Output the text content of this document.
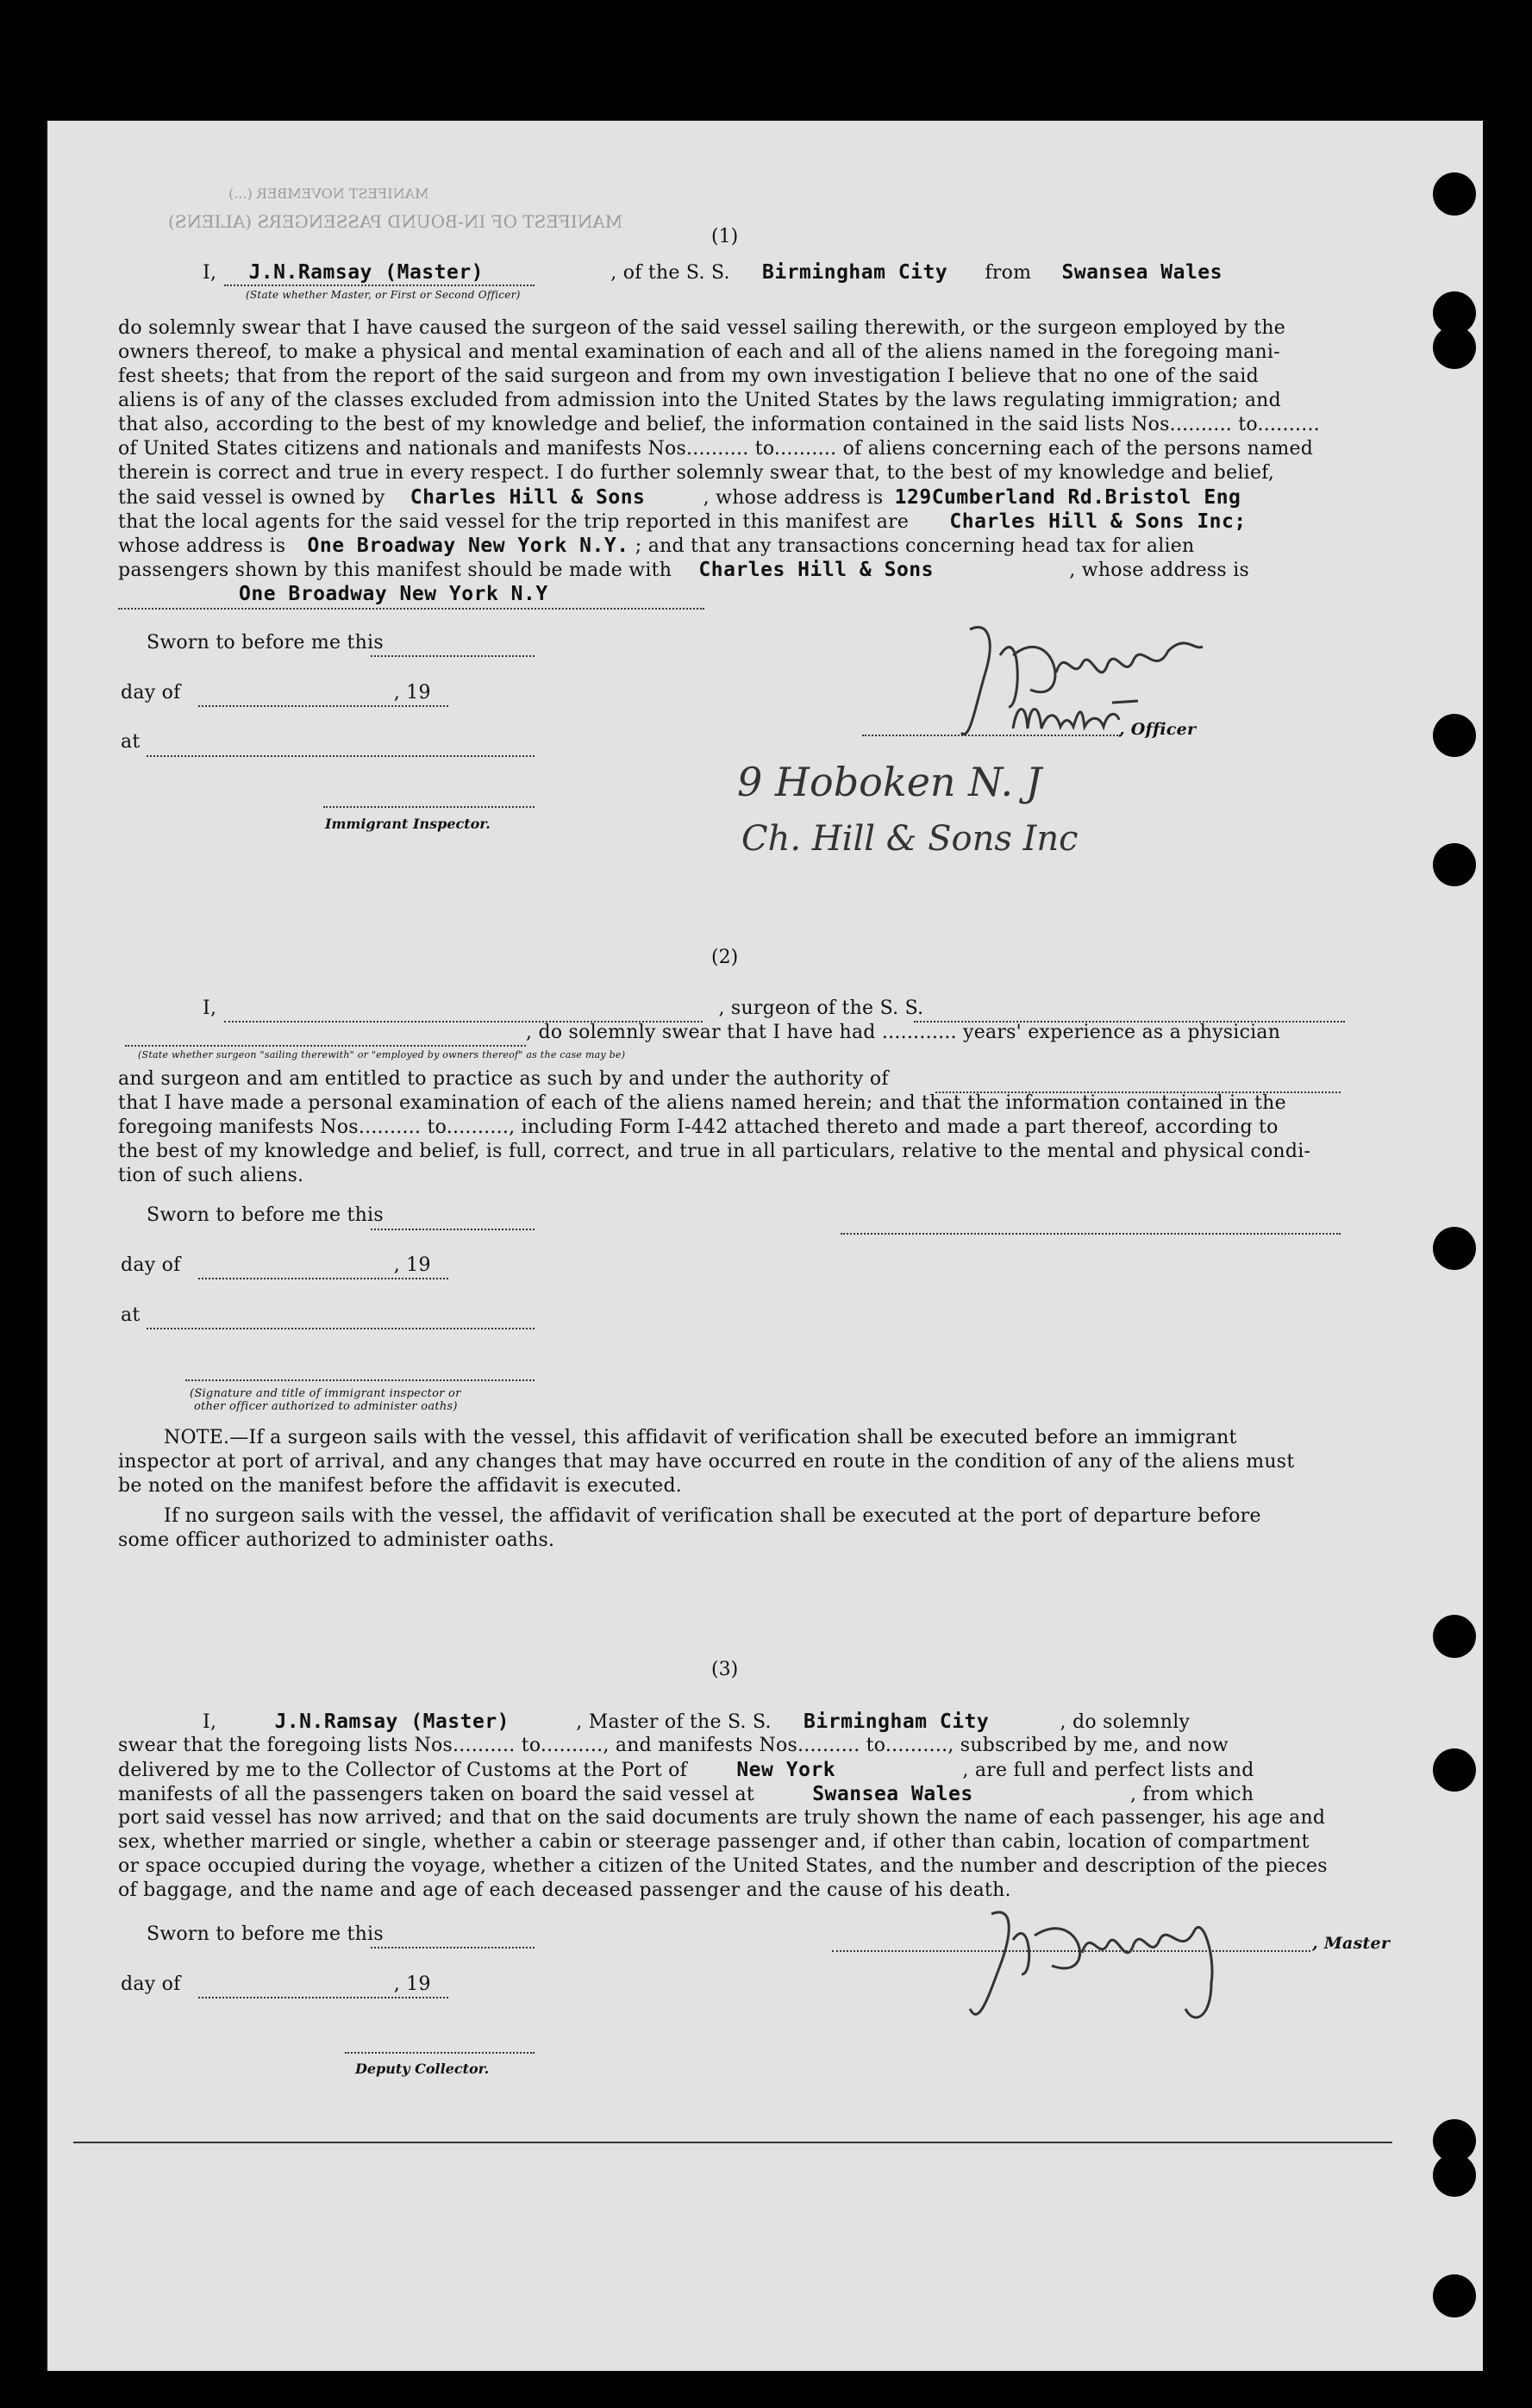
MANIFEST OF IN-BOUND PASSENGERS (ALIENS)
MANIFEST NOVEMBER (...)
(1)
I, J.N.Ramsay (Master)	, of the S. S. Birmingham City from Swansea Wales
(State whether Master, or First or Second Officer)
do solemnly swear that I have caused the surgeon of the said vessel sailing therewith, or the surgeon employed by the
owners thereof, to make a physical and mental examination of each and all of the aliens named in the foregoing mani-
fest sheets; that from the report of the said surgeon and from my own investigation I believe that no one of the said
aliens is of any of the classes excluded from admission into the United States by the laws regulating immigration; and
that also, according to the best of my knowledge and belief, the information contained in the said lists Nos.......... to..........
of United States citizens and nationals and manifests Nos.......... to.......... of aliens concerning each of the persons named
therein is correct and true in every respect. I do further solemnly swear that, to the best of my knowledge and belief,
the said vessel is owned by Charles Hill & Sons	, whose address is 129Cumberland Rd.Bristol Eng
that the local agents for the said vessel for the trip reported in this manifest are Charles Hill & Sons Inc;
whose address is One Broadway New York N.Y. ; and that any transactions concerning head tax for alien
passengers shown by this manifest should be made with Charles Hill & Sons	, whose address is
One Broadway New York N.Y
Sworn to before me this
day of	, 19
at
Immigrant Inspector.
, Officer
9 Hoboken N. J
Ch. Hill & Sons Inc
(2)
I,	, surgeon of the S. S.
, do solemnly swear that I have had ............ years' experience as a physician
(State whether surgeon "sailing therewith" or "employed by owners thereof" as the case may be)
and surgeon and am entitled to practice as such by and under the authority of
that I have made a personal examination of each of the aliens named herein; and that the information contained in the
foregoing manifests Nos.......... to.........., including Form I-442 attached thereto and made a part thereof, according to
the best of my knowledge and belief, is full, correct, and true in all particulars, relative to the mental and physical condi-
tion of such aliens.
Sworn to before me this
day of	, 19
at
(Signature and title of immigrant inspector or
other officer authorized to administer oaths)
NOTE.—If a surgeon sails with the vessel, this affidavit of verification shall be executed before an immigrant
inspector at port of arrival, and any changes that may have occurred en route in the condition of any of the aliens must
be noted on the manifest before the affidavit is executed.
If no surgeon sails with the vessel, the affidavit of verification shall be executed at the port of departure before
some officer authorized to administer oaths.
(3)
I,	J.N.Ramsay (Master)	, Master of the S. S. Birmingham City	, do solemnly
swear that the foregoing lists Nos.......... to.........., and manifests Nos.......... to.........., subscribed by me, and now
delivered by me to the Collector of Customs at the Port of New York	, are full and perfect lists and
manifests of all the passengers taken on board the said vessel at	Swansea Wales	, from which
port said vessel has now arrived; and that on the said documents are truly shown the name of each passenger, his age and
sex, whether married or single, whether a cabin or steerage passenger and, if other than cabin, location of compartment
or space occupied during the voyage, whether a citizen of the United States, and the number and description of the pieces
of baggage, and the name and age of each deceased passenger and the cause of his death.
Sworn to before me this	, Master
day of	, 19
Deputy Collector.
